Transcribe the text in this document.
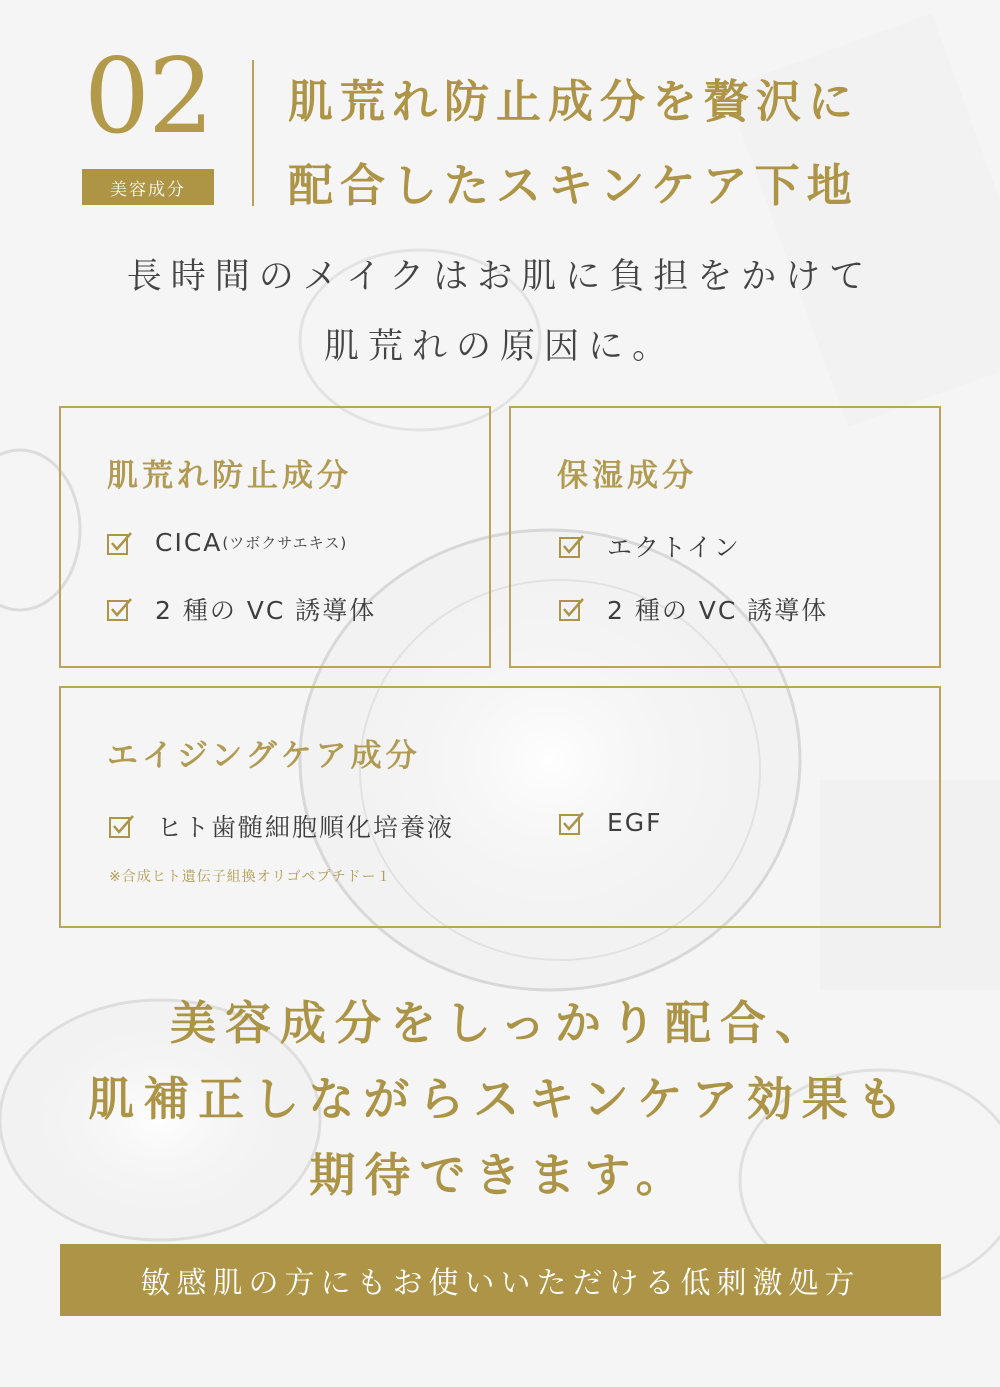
02
美容成分
肌荒れ防止成分を贅沢に
配合したスキンケア下地
長時間のメイクはお肌に負担をかけて
肌荒れの原因に。
肌荒れ防止成分
CICA (ツボクサエキス)
2 種の VC 誘導体
保湿成分
エクトイン
2 種の VC 誘導体
エイジングケア成分
ヒト歯髄細胞順化培養液	EGF
※合成ヒト遺伝子組換オリゴペプチドー１
美容成分をしっかり配合、
肌補正しながらスキンケア効果も
期待できます。
敏感肌の方にもお使いいただける低刺激処方
